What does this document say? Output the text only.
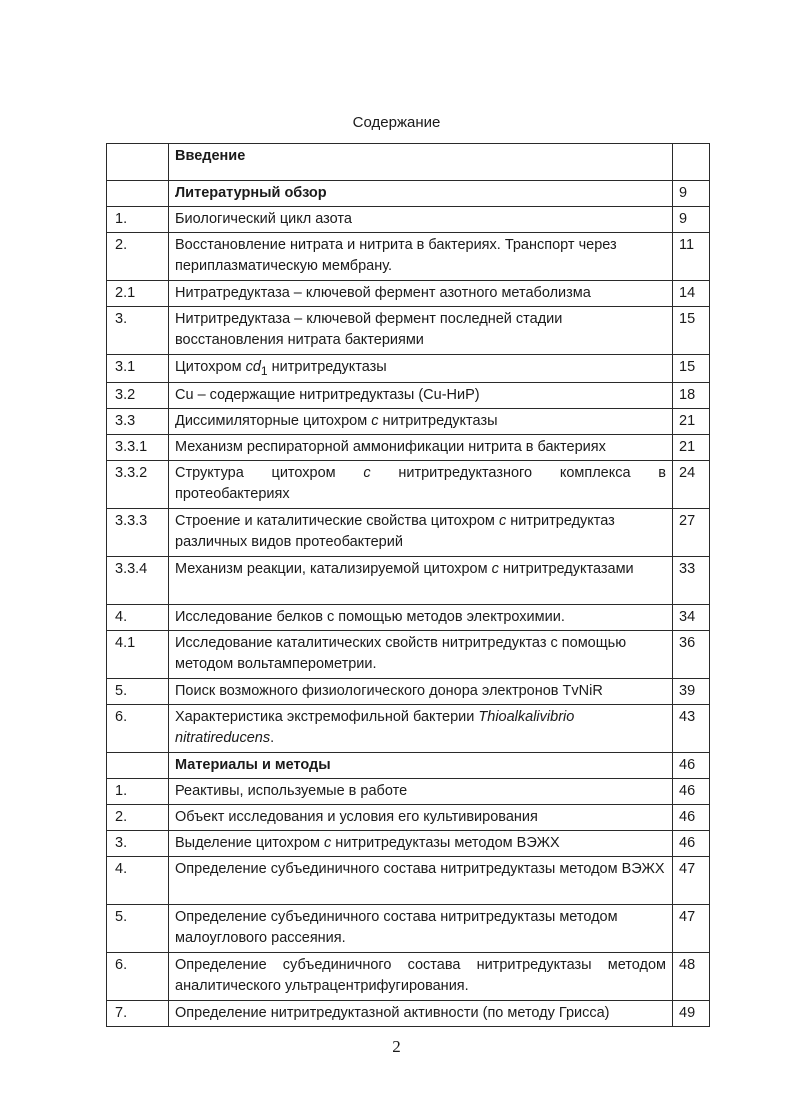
Содержание
	Введение	
	Литературный обзор	9
1.	Биологический цикл азота	9
2.	Восстановление нитрата и нитрита в бактериях. Транспорт через периплазматическую мембрану.	11
2.1	Нитратредуктаза – ключевой фермент азотного метаболизма	14
3.	Нитритредуктаза – ключевой фермент последней стадии восстановления нитрата бактериями	15
3.1	Цитохром $cd_1$ нитритредуктазы	15
3.2	Cu – содержащие нитритредуктазы (Cu-НиР)	18
3.3	Диссимиляторные цитохром c нитритредуктазы	21
3.3.1	Механизм респираторной аммонификации нитрита в бактериях	21
3.3.2	Структура цитохром c нитритредуктазного комплекса в протеобактериях	24
3.3.3	Строение и каталитические свойства цитохром c нитритредуктаз различных видов протеобактерий	27
3.3.4	Механизм реакции, катализируемой цитохром c нитритредуктазами	33
4.	Исследование белков с помощью методов электрохимии.	34
4.1	Исследование каталитических свойств нитритредуктаз с помощью методом вольтамперометрии.	36
5.	Поиск возможного физиологического донора электронов TvNiR	39
6.	Характеристика экстремофильной бактерии Thioalkalivibrio nitratireducens.	43
	Материалы и методы	46
1.	Реактивы, используемые в работе	46
2.	Объект исследования и условия его культивирования	46
3.	Выделение цитохром c нитритредуктазы методом ВЭЖХ	46
4.	Определение субъединичного состава нитритредуктазы методом ВЭЖХ	47
5.	Определение субъединичного состава нитритредуктазы методом малоуглового рассеяния.	47
6.	Определение субъединичного состава нитритредуктазы методом аналитического ультрацентрифугирования.	48
7.	Определение нитритредуктазной активности (по методу Грисса)	49
2
